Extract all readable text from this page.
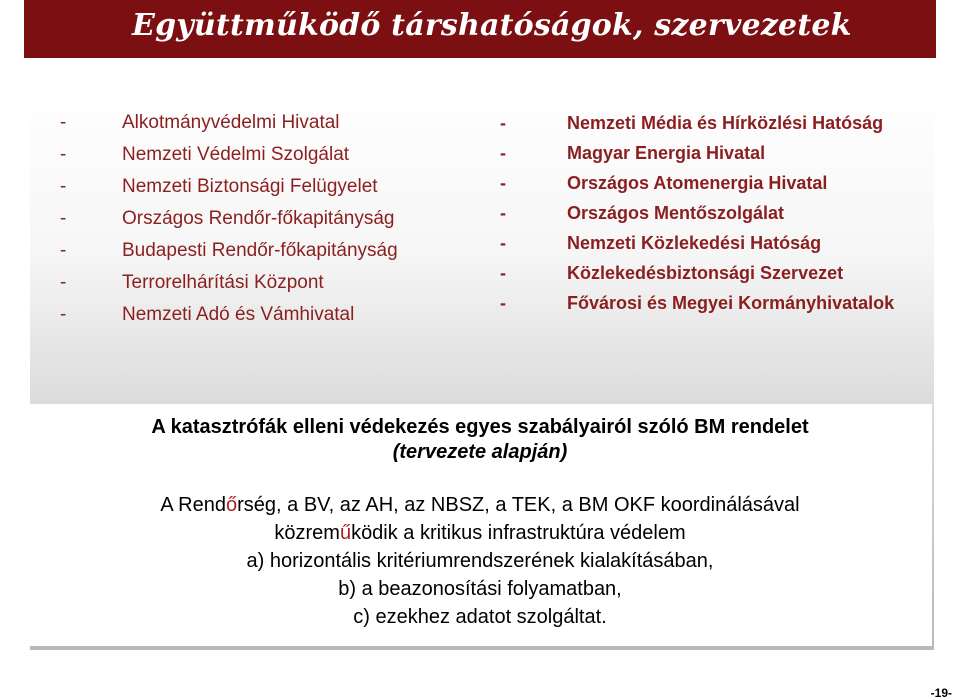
Együttműködő társhatóságok, szervezetek
-	Alkotmányvédelmi Hivatal
-	Nemzeti Védelmi Szolgálat
-	Nemzeti Biztonsági Felügyelet
-	Országos Rendőr-főkapitányság
-	Budapesti Rendőr-főkapitányság
-	Terrorelhárítási Központ
-	Nemzeti Adó és Vámhivatal
-	Nemzeti Média és Hírközlési Hatóság
-	Magyar Energia Hivatal
-	Országos Atomenergia Hivatal
-	Országos Mentőszolgálat
-	Nemzeti Közlekedési Hatóság
-	Közlekedésbiztonsági Szervezet
-	Fővárosi és Megyei Kormányhivatalok
A katasztrófák elleni védekezés egyes szabályairól szóló BM rendelet
(tervezete alapján)
A Rendőrség, a BV, az AH, az NBSZ, a TEK, a BM OKF koordinálásával
közreműködik a kritikus infrastruktúra védelem
a) horizontális kritériumrendszerének kialakításában,
b) a beazonosítási folyamatban,
c) ezekhez adatot szolgáltat.
-19-
